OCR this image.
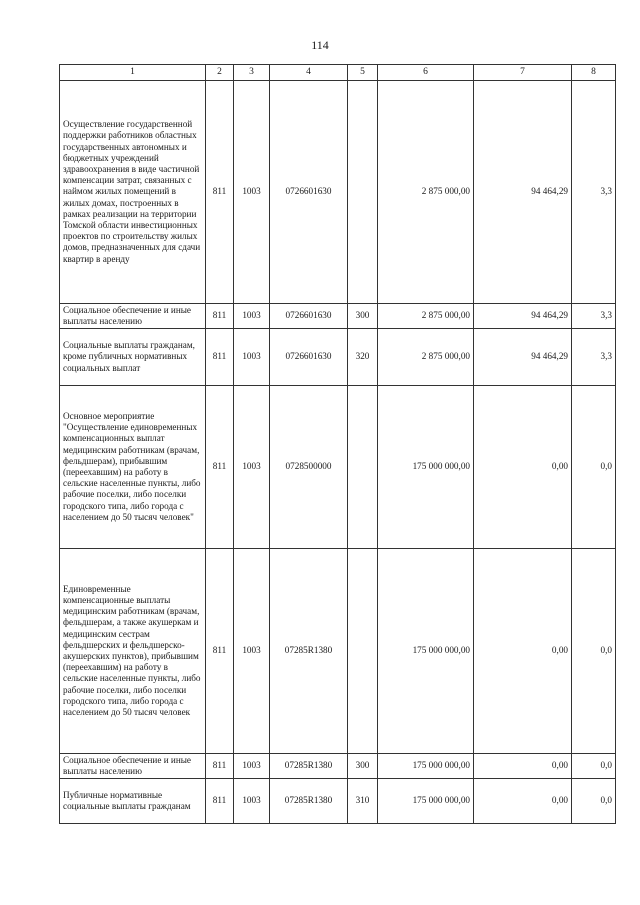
114
1	2	3	4	5	6	7	8
Осуществление государственной поддержки работников областных государственных автономных и бюджетных учреждений здравоохранения в виде частичной компенсации затрат, связанных с наймом жилых помещений в жилых домах, построенных в рамках реализации на территории Томской области инвестиционных проектов по строительству жилых домов, предназначенных для сдачи квартир в аренду	811	1003	0726601630		2 875 000,00	94 464,29	3,3
Социальное обеспечение и иные выплаты населению	811	1003	0726601630	300	2 875 000,00	94 464,29	3,3
Социальные выплаты гражданам, кроме публичных нормативных социальных выплат	811	1003	0726601630	320	2 875 000,00	94 464,29	3,3
Основное мероприятие "Осуществление единовременных компенсационных выплат медицинским работникам (врачам, фельдшерам), прибывшим (переехавшим) на работу в сельские населенные пункты, либо рабочие поселки, либо поселки городского типа, либо города с населением до 50 тысяч человек"	811	1003	0728500000		175 000 000,00	0,00	0,0
Единовременные компенсационные выплаты медицинским работникам (врачам, фельдшерам, а также акушеркам и медицинским сестрам фельдшерских и фельдшерско-акушерских пунктов), прибывшим (переехавшим) на работу в сельские населенные пункты, либо рабочие поселки, либо поселки городского типа, либо города с населением до 50 тысяч человек	811	1003	07285R1380		175 000 000,00	0,00	0,0
Социальное обеспечение и иные выплаты населению	811	1003	07285R1380	300	175 000 000,00	0,00	0,0
Публичные нормативные социальные выплаты гражданам	811	1003	07285R1380	310	175 000 000,00	0,00	0,0
